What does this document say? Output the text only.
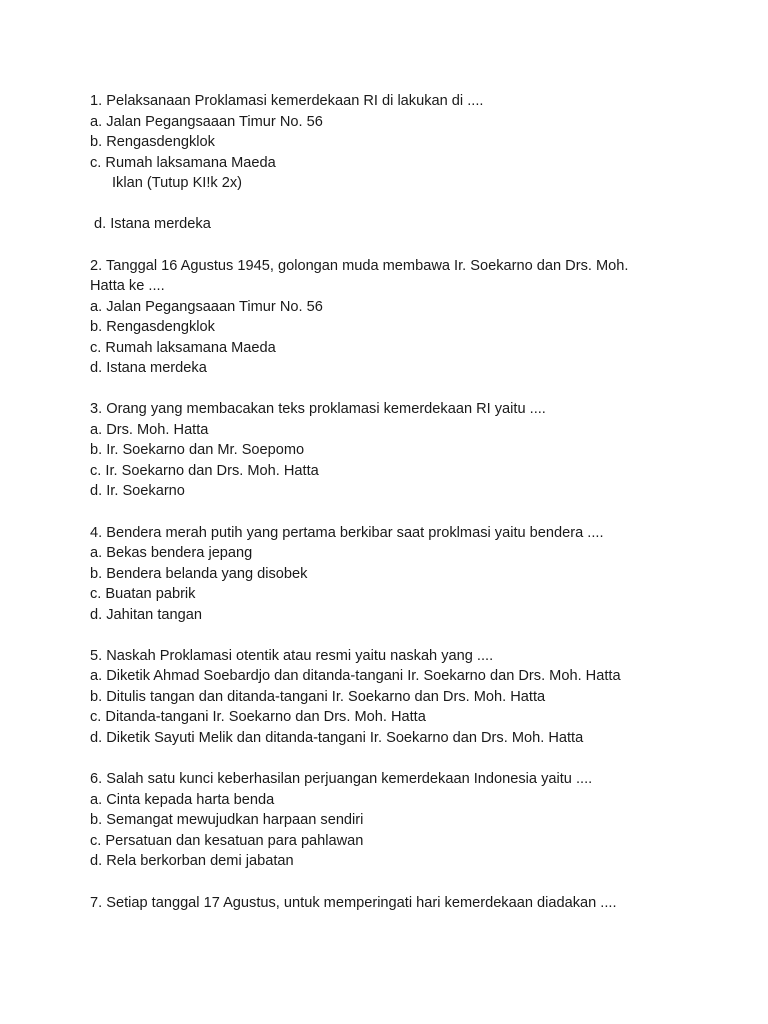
1. Pelaksanaan Proklamasi kemerdekaan RI di lakukan di ....
a. Jalan Pegangsaaan Timur No. 56
b. Rengasdengklok
c. Rumah laksamana Maeda
Iklan (Tutup KI!k 2x)
d. Istana merdeka
2. Tanggal 16 Agustus 1945, golongan muda membawa Ir. Soekarno dan Drs. Moh.
Hatta ke ....
a. Jalan Pegangsaaan Timur No. 56
b. Rengasdengklok
c. Rumah laksamana Maeda
d. Istana merdeka
3. Orang yang membacakan teks proklamasi kemerdekaan RI yaitu ....
a. Drs. Moh. Hatta
b. Ir. Soekarno dan Mr. Soepomo
c. Ir. Soekarno dan Drs. Moh. Hatta
d. Ir. Soekarno
4. Bendera merah putih yang pertama berkibar saat proklmasi yaitu bendera ....
a. Bekas bendera jepang
b. Bendera belanda yang disobek
c. Buatan pabrik
d. Jahitan tangan
5. Naskah Proklamasi otentik atau resmi yaitu naskah yang ....
a. Diketik Ahmad Soebardjo dan ditanda-tangani Ir. Soekarno dan Drs. Moh. Hatta
b. Ditulis tangan dan ditanda-tangani Ir. Soekarno dan Drs. Moh. Hatta
c. Ditanda-tangani Ir. Soekarno dan Drs. Moh. Hatta
d. Diketik Sayuti Melik dan ditanda-tangani Ir. Soekarno dan Drs. Moh. Hatta
6. Salah satu kunci keberhasilan perjuangan kemerdekaan Indonesia yaitu ....
a. Cinta kepada harta benda
b. Semangat mewujudkan harpaan sendiri
c. Persatuan dan kesatuan para pahlawan
d. Rela berkorban demi jabatan
7. Setiap tanggal 17 Agustus, untuk memperingati hari kemerdekaan diadakan ....
